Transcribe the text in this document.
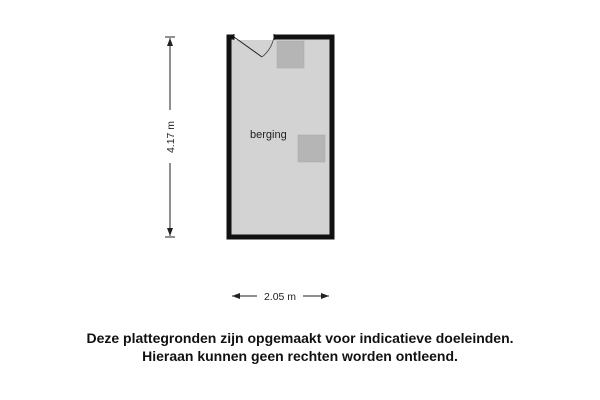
berging
4.17 m
2.05 m
Deze plattegronden zijn opgemaakt voor indicatieve doeleinden.
Hieraan kunnen geen rechten worden ontleend.
